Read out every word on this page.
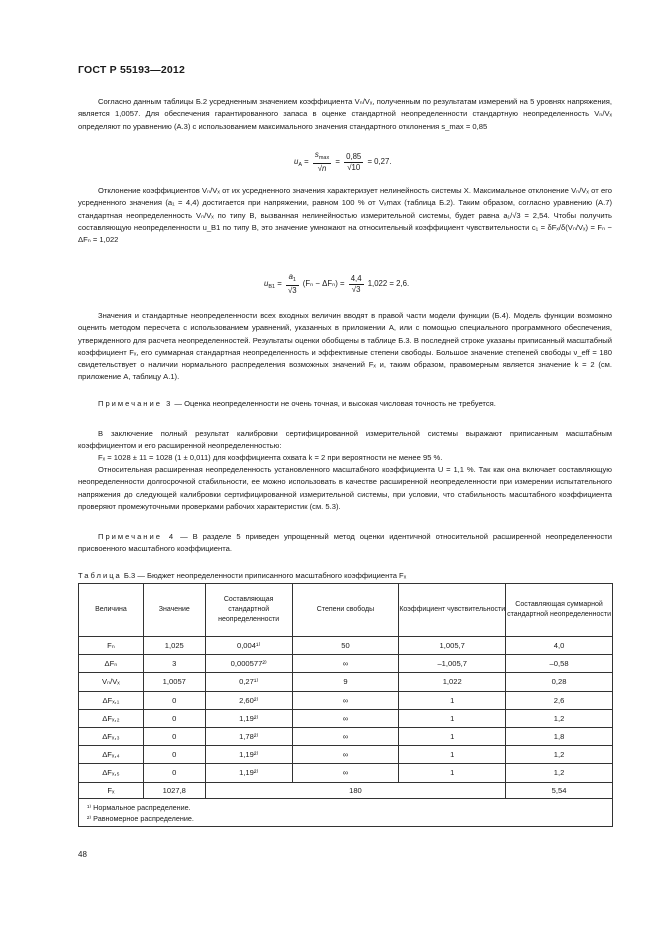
ГОСТ Р 55193—2012
Согласно данным таблицы Б.2 усредненным значением коэффициента Vₙ/Vₓ, полученным по результатам измерений на 5 уровнях напряжения, является 1,0057. Для обеспечения гарантированного запаса в оценке стандартной неопределенности стандартную неопределенность Vₙ/Vₓ определяют по уравнению (А.3) с использованием максимального значения стандартного отклонения s_max = 0,85
$u_A = \frac{s_{max}}{√n} = \frac{0,85}{√10} = 0,27$.
Отклонение коэффициентов Vₙ/Vₓ от их усредненного значения характеризует нелинейность системы X. Максимальное отклонение Vₙ/Vₓ от его усредненного значения (a₁ = 4,4) достигается при напряжении, равном 100 % от Vₓmax (таблица Б.2). Таким образом, согласно уравнению (А.7) стандартная неопределенность Vₙ/Vₓ по типу B, вызванная нелинейностью измерительной системы, будет равна a₁/√3 = 2,54. Чтобы получить составляющую неопределенности u_B1 по типу B, это значение умножают на относительный коэффициент чувствительности c₁ = δFₓ/δ(Vₙ/Vₓ) = Fₙ − ΔFₙ = 1,022
$u_{B1} = \frac{a_1}{√3} (F_n - \Delta F_n) = \frac{4,4}{√3} 1,022 = 2,6$.
Значения и стандартные неопределенности всех входных величин вводят в правой части модели функции (Б.4). Модель функции возможно оценить методом пересчета с использованием уравнений, указанных в приложении А, или с помощью специального программного обеспечения, утвержденного для расчета неопределенностей. Результаты оценки обобщены в таблице Б.3. В последней строке указаны приписанный масштабный коэффициент Fₓ, его суммарная стандартная неопределенность и эффективные степени свободы. Большое значение степеней свободы ν_eff = 180 свидетельствует о наличии нормального распределения возможных значений Fₓ и, таким образом, правомерным является значение k = 2 (см. приложение А, таблицу А.1).
Примечание 3 — Оценка неопределенности не очень точная, и высокая числовая точность не требуется.
В заключение полный результат калибровки сертифицированной измерительной системы выражают приписанным масштабным коэффициентом и его расширенной неопределенностью:
Fₓ = 1028 ± 11 = 1028 (1 ± 0,011) для коэффициента охвата k = 2 при вероятности не менее 95 %.
Относительная расширенная неопределенность установленного масштабного коэффициента U = 1,1 %. Так как она включает составляющую неопределенности долгосрочной стабильности, ее можно использовать в качестве расширенной неопределенности при измерении испытательного напряжения до следующей калибровки сертифицированной измерительной системы, при условии, что стабильность масштабного коэффициента проверяют промежуточными проверками рабочих характеристик (см. 5.3).
Примечание 4 — В разделе 5 приведен упрощенный метод оценки идентичной относительной расширенной неопределенности присвоенного масштабного коэффициента.
Таблица Б.3 — Бюджет неопределенности приписанного масштабного коэффициента Fₓ
Величина	Значение	Составляющая стандартной неопределенности	Степени свободы	Коэффициент чувствительности	Составляющая суммарной стандартной неопределенности
Fₙ	1,025	0,004¹⁾	50	1,005,7	4,0
ΔFₙ	3	0,000577²⁾	∞	–1,005,7	–0,58
Vₙ/Vₓ	1,0057	0,27¹⁾	9	1,022	0,28
ΔFₓ,₁	0	2,60²⁾	∞	1	2,6
ΔFₓ,₂	0	1,19²⁾	∞	1	1,2
ΔFₓ,₃	0	1,78²⁾	∞	1	1,8
ΔFₓ,₄	0	1,19²⁾	∞	1	1,2
ΔFₓ,₅	0	1,19²⁾	∞	1	1,2
Fₓ	1027,8	180			5,54

¹⁾ Нормальное распределение.
²⁾ Равномерное распределение.					
48
